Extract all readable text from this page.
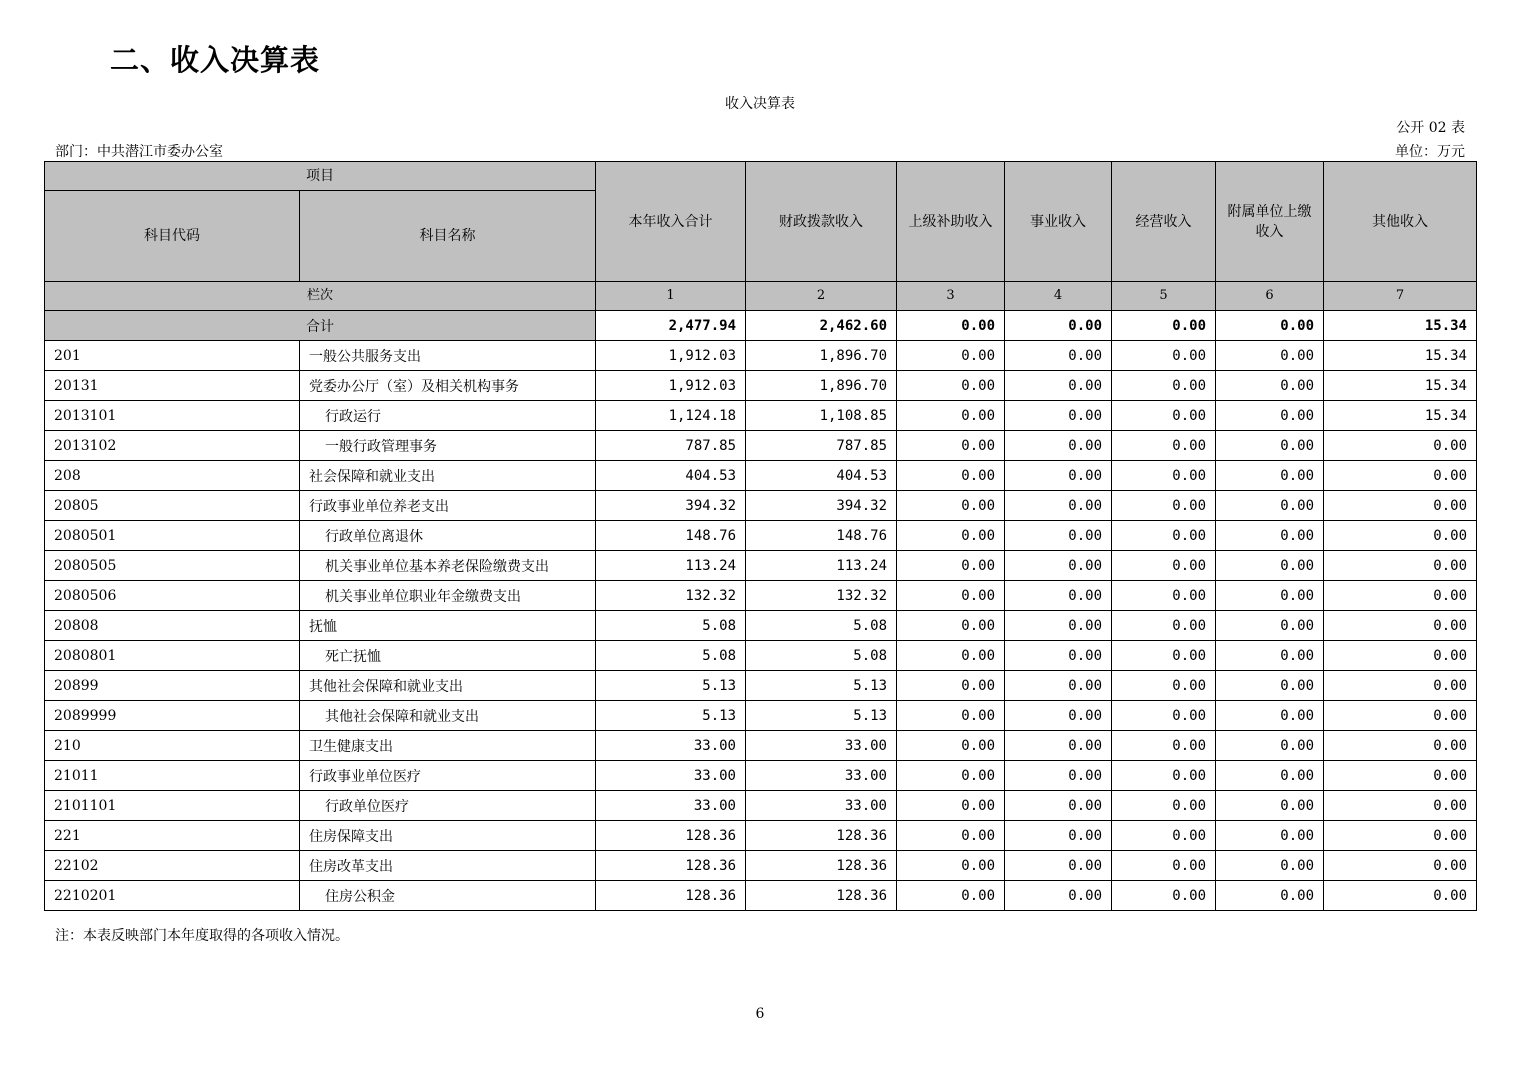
二、收入决算表
收入决算表
公开 02 表
部门：中共潜江市委办公室	单位：万元
项目		本年收入合计	财政拨款收入	上级补助收入	事业收入	经营收入	附属单位上缴收入	其他收入
科目代码	科目名称							
栏次		1	2	3	4	5	6	7
合计		2,477.94	2,462.60	0.00	0.00	0.00	0.00	15.34
201	一般公共服务支出	1,912.03	1,896.70	0.00	0.00	0.00	0.00	15.34
20131	党委办公厅（室）及相关机构事务	1,912.03	1,896.70	0.00	0.00	0.00	0.00	15.34
2013101	行政运行	1,124.18	1,108.85	0.00	0.00	0.00	0.00	15.34
2013102	一般行政管理事务	787.85	787.85	0.00	0.00	0.00	0.00	0.00
208	社会保障和就业支出	404.53	404.53	0.00	0.00	0.00	0.00	0.00
20805	行政事业单位养老支出	394.32	394.32	0.00	0.00	0.00	0.00	0.00
2080501	行政单位离退休	148.76	148.76	0.00	0.00	0.00	0.00	0.00
2080505	机关事业单位基本养老保险缴费支出	113.24	113.24	0.00	0.00	0.00	0.00	0.00
2080506	机关事业单位职业年金缴费支出	132.32	132.32	0.00	0.00	0.00	0.00	0.00
20808	抚恤	5.08	5.08	0.00	0.00	0.00	0.00	0.00
2080801	死亡抚恤	5.08	5.08	0.00	0.00	0.00	0.00	0.00
20899	其他社会保障和就业支出	5.13	5.13	0.00	0.00	0.00	0.00	0.00
2089999	其他社会保障和就业支出	5.13	5.13	0.00	0.00	0.00	0.00	0.00
210	卫生健康支出	33.00	33.00	0.00	0.00	0.00	0.00	0.00
21011	行政事业单位医疗	33.00	33.00	0.00	0.00	0.00	0.00	0.00
2101101	行政单位医疗	33.00	33.00	0.00	0.00	0.00	0.00	0.00
221	住房保障支出	128.36	128.36	0.00	0.00	0.00	0.00	0.00
22102	住房改革支出	128.36	128.36	0.00	0.00	0.00	0.00	0.00
2210201	住房公积金	128.36	128.36	0.00	0.00	0.00	0.00	0.00
注：本表反映部门本年度取得的各项收入情况。
6
